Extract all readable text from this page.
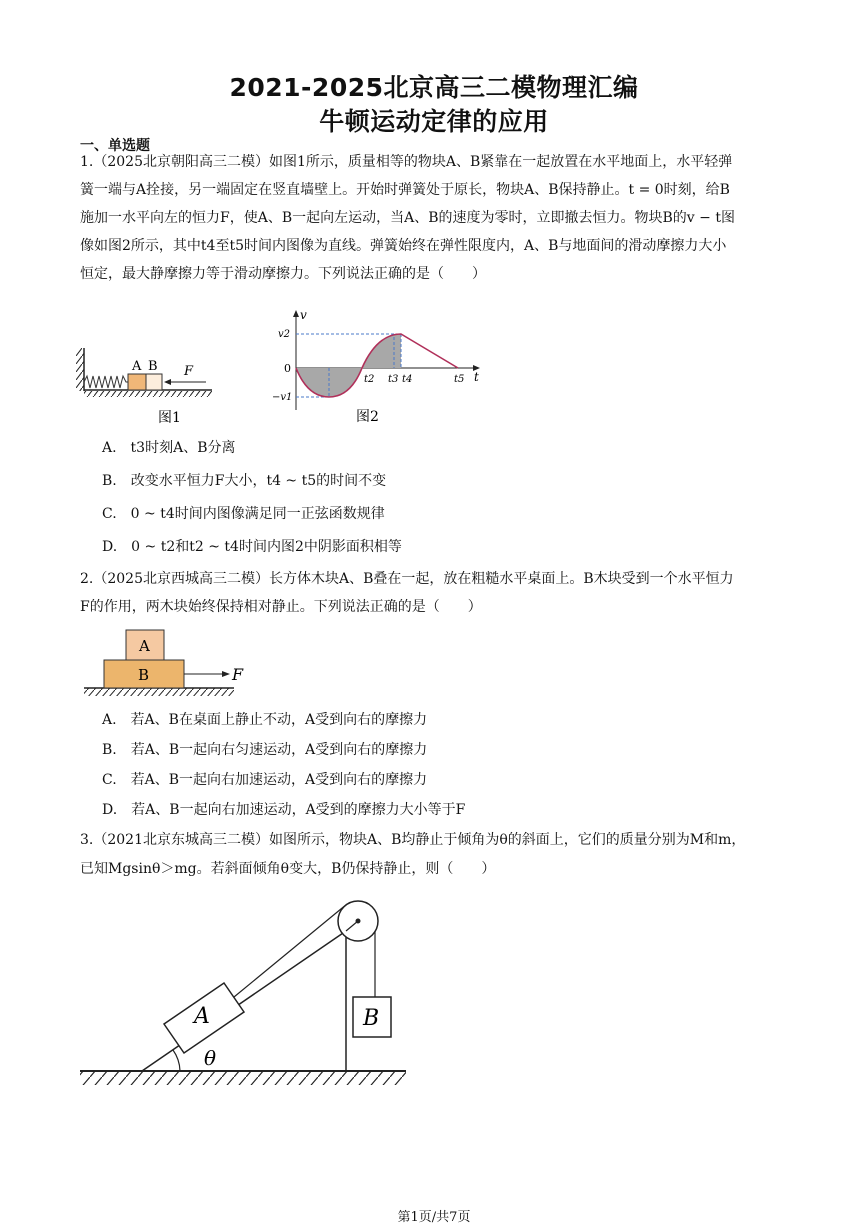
2021-2025北京高三二模物理汇编
牛顿运动定律的应用
一、单选题
1.（2025北京朝阳高三二模）如图1所示，质量相等的物块A、B紧靠在一起放置在水平地面上，水平轻弹
簧一端与A拴接，另一端固定在竖直墙壁上。开始时弹簧处于原长，物块A、B保持静止。t = 0时刻，给B
施加一水平向左的恒力F，使A、B一起向左运动，当A、B的速度为零时，立即撤去恒力。物块B的v − t图
像如图2所示，其中t4至t5时间内图像为直线。弹簧始终在弹性限度内，A、B与地面间的滑动摩擦力大小
恒定，最大静摩擦力等于滑动摩擦力。下列说法正确的是（　　）
A B F
图1
v
t
v2
0
−v1
t2 t3 t4	t5
图2
A.　t3时刻A、B分离
B.　改变水平恒力F大小，t4 ~ t5的时间不变
C.　0 ~ t4时间内图像满足同一正弦函数规律
D.　0 ~ t2和t2 ~ t4时间内图2中阴影面积相等
2.（2025北京西城高三二模）长方体木块A、B叠在一起，放在粗糙水平桌面上。B木块受到一个水平恒力
F的作用，两木块始终保持相对静止。下列说法正确的是（　　）
A
B	F
A.　若A、B在桌面上静止不动，A受到向右的摩擦力
B.　若A、B一起向右匀速运动，A受到向右的摩擦力
C.　若A、B一起向右加速运动，A受到向右的摩擦力
D.　若A、B一起向右加速运动，A受到的摩擦力大小等于F
3.（2021北京东城高三二模）如图所示，物块A、B均静止于倾角为θ的斜面上，它们的质量分别为M和m，
已知Mgsinθ＞mg。若斜面倾角θ变大，B仍保持静止，则（　　）
A	B
θ
第1页/共7页
